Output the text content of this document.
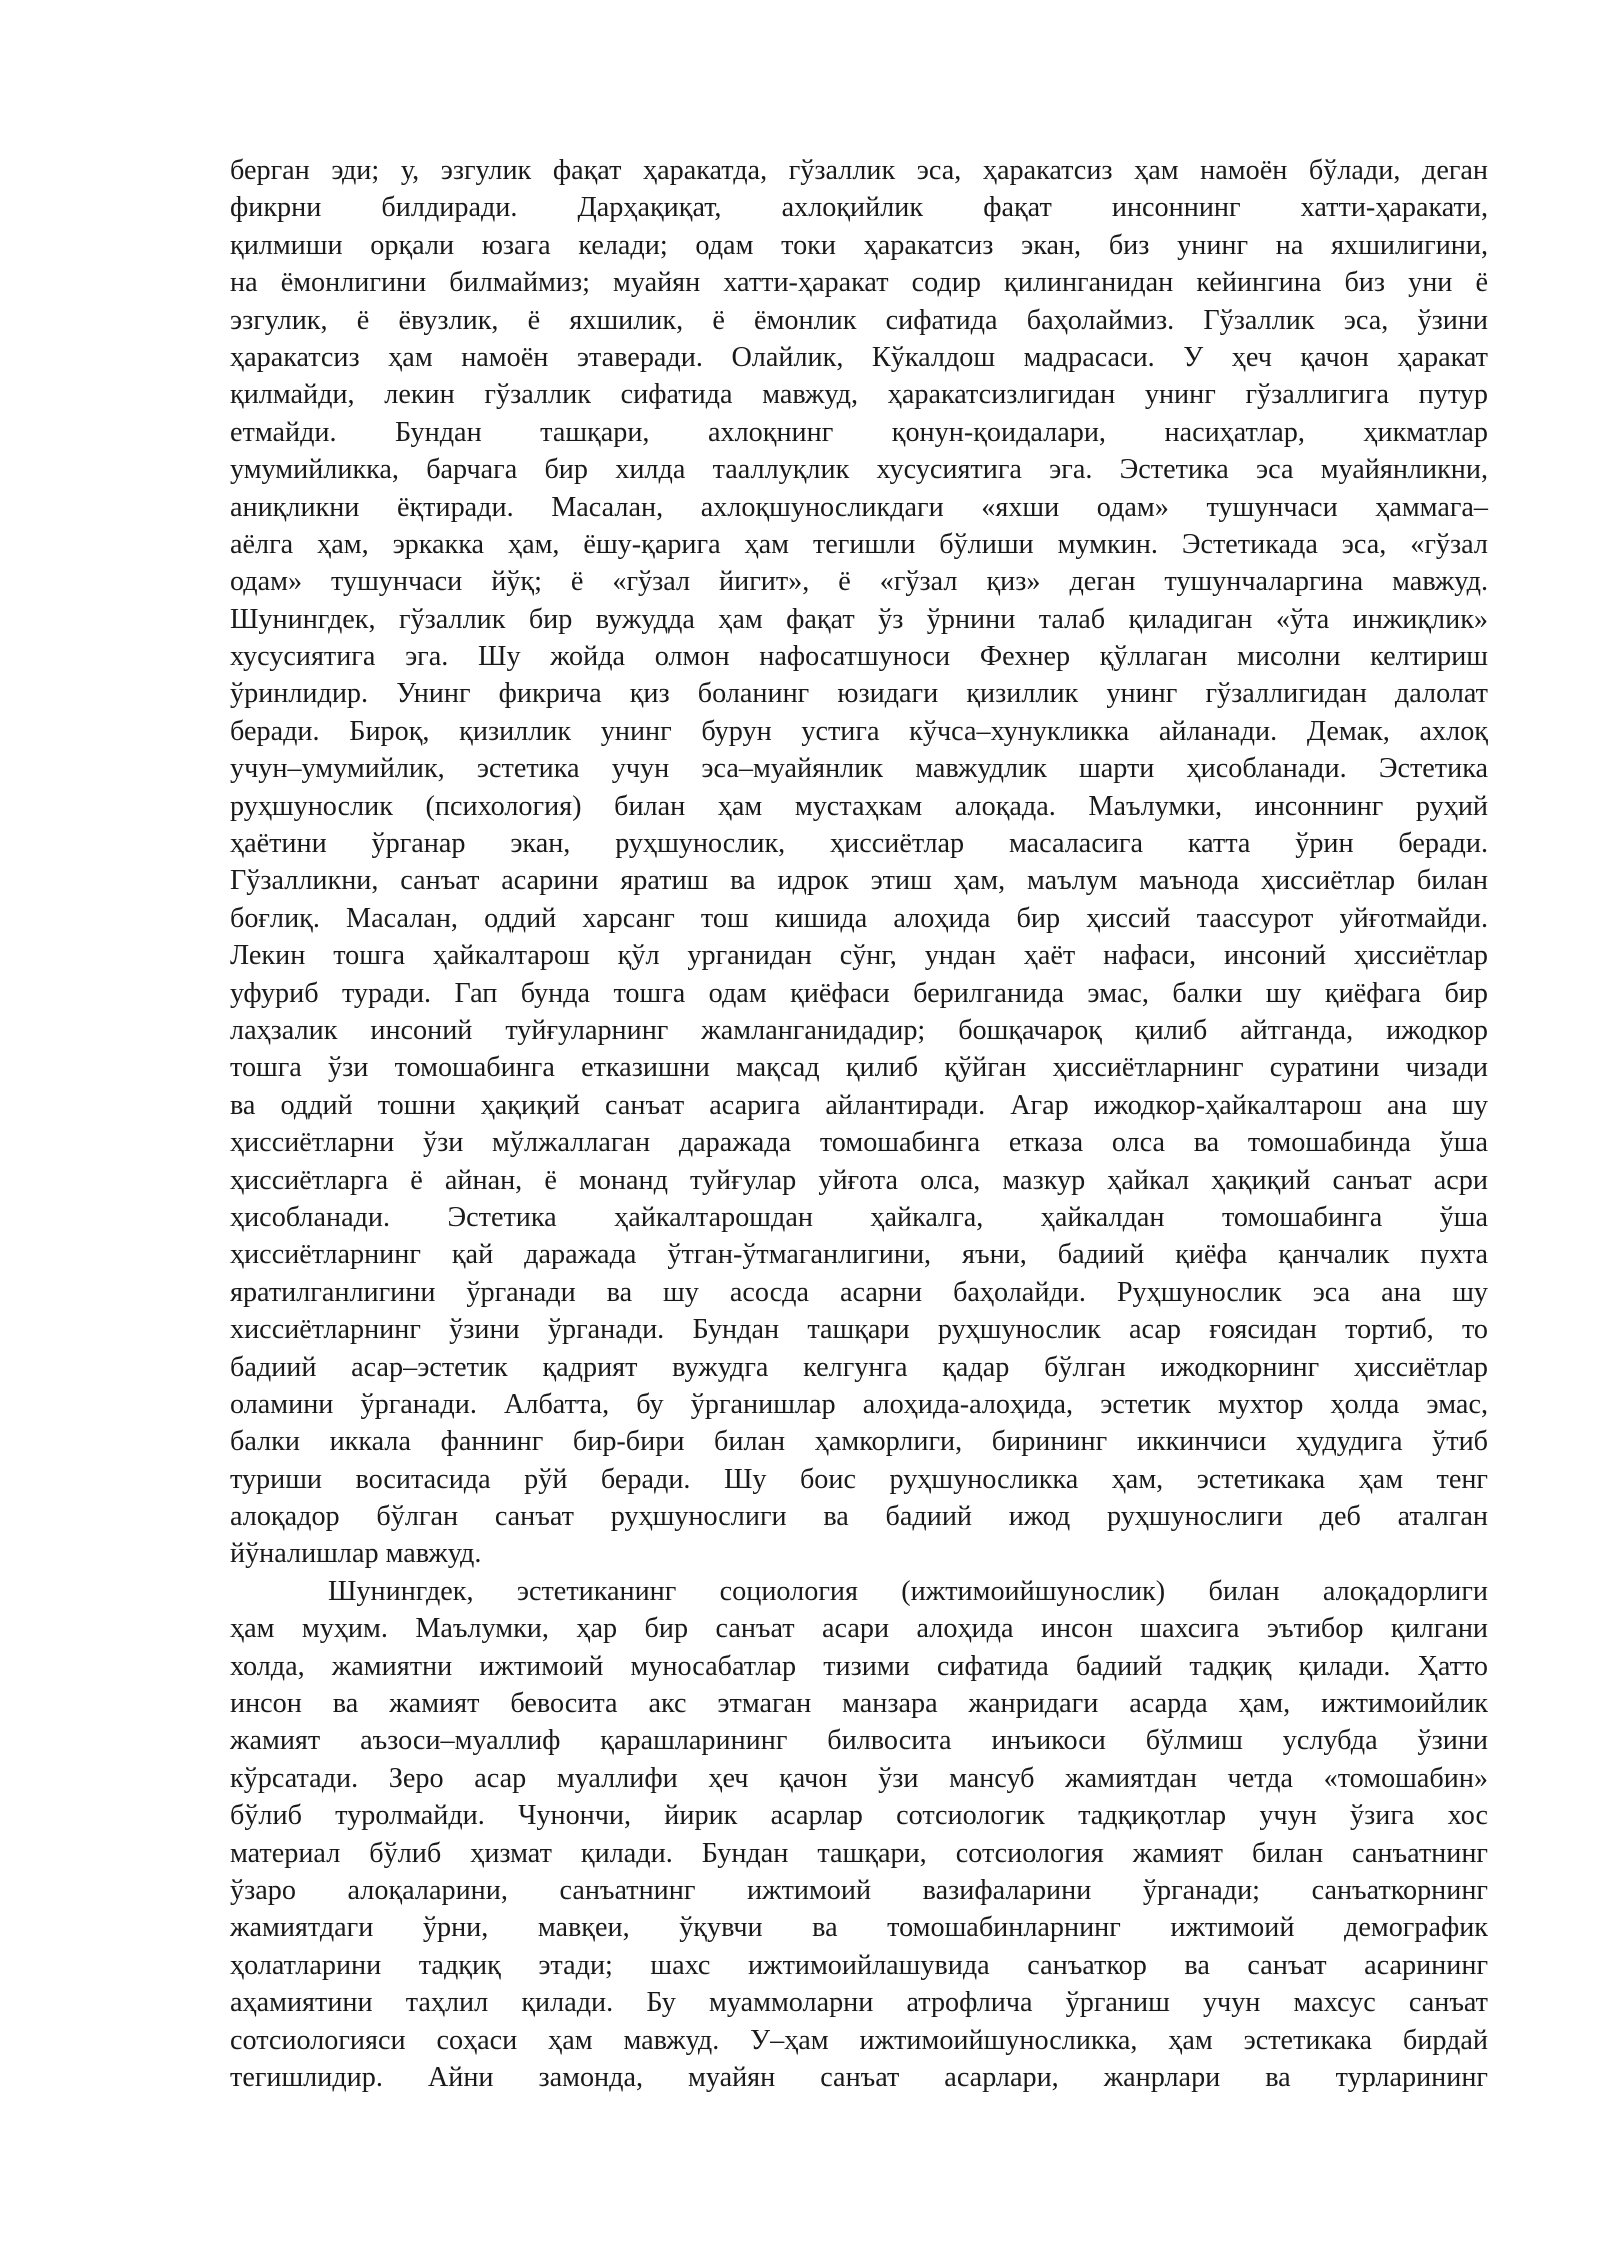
берган эди; у, эзгулик фақат ҳаракатда, гўзаллик эса, ҳаракатсиз ҳам намоён бўлади, деган
фикрни билдиради. Дарҳақиқат, ахлоқийлик фақат инсоннинг хатти-ҳаракати,
қилмиши орқали юзага келади; одам токи ҳаракатсиз экан, биз унинг на яхшилигини,
на ёмонлигини билмаймиз; муайян хатти-ҳаракат содир қилинганидан кейингина биз уни ё
эзгулик, ё ёвузлик, ё яхшилик, ё ёмонлик сифатида баҳолаймиз. Гўзаллик эса, ўзини
ҳаракатсиз ҳам намоён этаверади. Олайлик, Кўкалдош мадрасаси. У ҳеч қачон ҳаракат
қилмайди, лекин гўзаллик сифатида мавжуд, ҳаракатсизлигидан унинг гўзаллигига путур
етмайди. Бундан ташқари, ахлоқнинг қонун-қоидалари, насиҳатлар, ҳикматлар
умумийликка, барчага бир хилда тааллуқлик хусусиятига эга. Эстетика эса муайянликни,
аниқликни ёқтиради. Масалан, ахлоқшуносликдаги «яхши одам» тушунчаси ҳаммага–
аёлга ҳам, эркакка ҳам, ёшу-қарига ҳам тегишли бўлиши мумкин. Эстетикада эса, «гўзал
одам» тушунчаси йўқ; ё «гўзал йигит», ё «гўзал қиз» деган тушунчаларгина мавжуд.
Шунингдек, гўзаллик бир вужудда ҳам фақат ўз ўрнини талаб қиладиган «ўта инжиқлик»
хусусиятига эга. Шу жойда олмон нафосатшуноси Фехнер қўллаган мисолни келтириш
ўринлидир. Унинг фикрича қиз боланинг юзидаги қизиллик унинг гўзаллигидан далолат
беради. Бироқ, қизиллик унинг бурун устига кўчса–хунукликка айланади. Демак, ахлоқ
учун–умумийлик, эстетика учун эса–муайянлик мавжудлик шарти ҳисобланади. Эстетика
руҳшунослик (психология) билан ҳам мустаҳкам алоқада. Маълумки, инсоннинг руҳий
ҳаётини ўрганар экан, руҳшунослик, ҳиссиётлар масаласига катта ўрин беради.
Гўзалликни, санъат асарини яратиш ва идрок этиш ҳам, маълум маънода ҳиссиётлар билан
боғлиқ. Масалан, оддий харсанг тош кишида алоҳида бир ҳиссий таассурот уйғотмайди.
Лекин тошга ҳайкалтарош қўл урганидан сўнг, ундан ҳаёт нафаси, инсоний ҳиссиётлар
уфуриб туради. Гап бунда тошга одам қиёфаси берилганида эмас, балки шу қиёфага бир
лаҳзалик инсоний туйғуларнинг жамланганидадир; бошқачароқ қилиб айтганда, ижодкор
тошга ўзи томошабинга етказишни мақсад қилиб қўйган ҳиссиётларнинг суратини чизади
ва оддий тошни ҳақиқий санъат асарига айлантиради. Агар ижодкор-ҳайкалтарош ана шу
ҳиссиётларни ўзи мўлжаллаган даражада томошабинга етказа олса ва томошабинда ўша
ҳиссиётларга ё айнан, ё монанд туйғулар уйғота олса, мазкур ҳайкал ҳақиқий санъат асри
ҳисобланади. Эстетика ҳайкалтарошдан ҳайкалга, ҳайкалдан томошабинга ўша
ҳиссиётларнинг қай даражада ўтган-ўтмаганлигини, яъни, бадиий қиёфа қанчалик пухта
яратилганлигини ўрганади ва шу асосда асарни баҳолайди. Руҳшунослик эса ана шу
хиссиётларнинг ўзини ўрганади. Бундан ташқари руҳшунослик асар ғоясидан тортиб, то
бадиий асар–эстетик қадрият вужудга келгунга қадар бўлган ижодкорнинг ҳиссиётлар
оламини ўрганади. Албатта, бу ўрганишлар алоҳида-алоҳида, эстетик мухтор ҳолда эмас,
балки иккала фаннинг бир-бири билан ҳамкорлиги, бирининг иккинчиси ҳудудига ўтиб
туриши воситасида рўй беради. Шу боис руҳшуносликка ҳам, эстетикака ҳам тенг
алоқадор бўлган санъат руҳшунослиги ва бадиий ижод руҳшунослиги деб аталган
йўналишлар мавжуд.
Шунингдек, эстетиканинг социология (ижтимоийшунослик) билан алоқадорлиги
ҳам муҳим. Маълумки, ҳар бир санъат асари алоҳида инсон шахсига эътибор қилгани
холда, жамиятни ижтимоий муносабатлар тизими сифатида бадиий тадқиқ қилади. Ҳатто
инсон ва жамият бевосита акс этмаган манзара жанридаги асарда ҳам, ижтимоийлик
жамият аъзоси–муаллиф қарашларининг билвосита инъикоси бўлмиш услубда ўзини
кўрсатади. Зеро асар муаллифи ҳеч қачон ўзи мансуб жамиятдан четда «томошабин»
бўлиб туролмайди. Чунончи, йирик асарлар сотсиологик тадқиқотлар учун ўзига хос
материал бўлиб ҳизмат қилади. Бундан ташқари, сотсиология жамият билан санъатнинг
ўзаро алоқаларини, санъатнинг ижтимоий вазифаларини ўрганади; санъаткорнинг
жамиятдаги ўрни, мавқеи, ўқувчи ва томошабинларнинг ижтимоий демографик
ҳолатларини тадқиқ этади; шахс ижтимоийлашувида санъаткор ва санъат асарининг
аҳамиятини таҳлил қилади. Бу муаммоларни атрофлича ўрганиш учун махсус санъат
сотсиологияси соҳаси ҳам мавжуд. У–ҳам ижтимоийшуносликка, ҳам эстетикака бирдай
тегишлидир. Айни замонда, муайян санъат асарлари, жанрлари ва турларининг
